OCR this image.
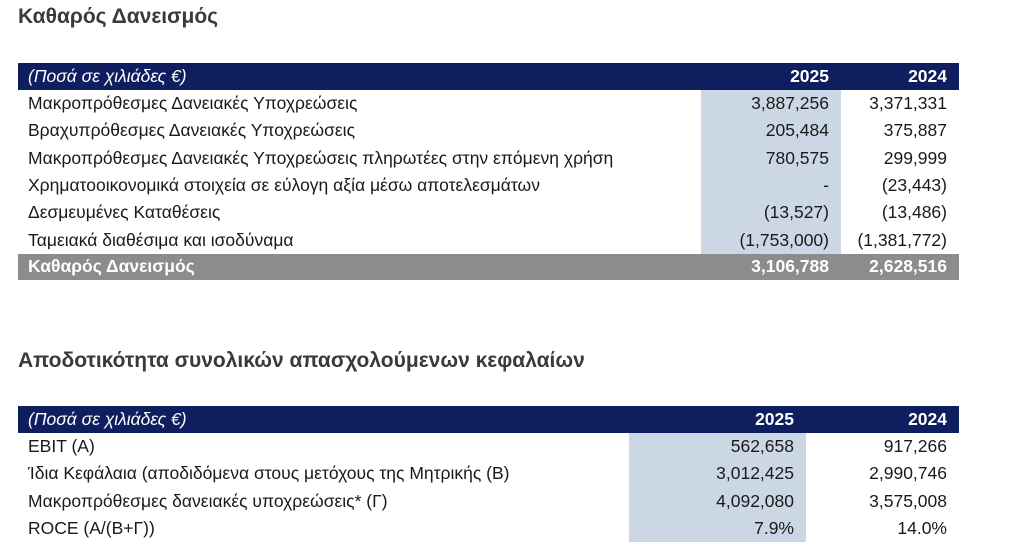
Καθαρός Δανεισμός
(Ποσά σε χιλιάδες €)	2025	2024
Μακροπρόθεσμες Δανειακές Υποχρεώσεις	3,887,256	3,371,331
Βραχυπρόθεσμες Δανειακές Υποχρεώσεις	205,484	375,887
Μακροπρόθεσμες Δανειακές Υποχρεώσεις πληρωτέες στην επόμενη χρήση	780,575	299,999
Χρηματοοικονομικά στοιχεία σε εύλογη αξία μέσω αποτελεσμάτων	-	(23,443)
Δεσμευμένες Καταθέσεις	(13,527)	(13,486)
Ταμειακά διαθέσιμα και ισοδύναμα	(1,753,000)	(1,381,772)
Καθαρός Δανεισμός	3,106,788	2,628,516
Αποδοτικότητα συνολικών απασχολούμενων κεφαλαίων
(Ποσά σε χιλιάδες €)	2025	2024
EBIT (A)	562,658	917,266
Ίδια Κεφάλαια (αποδιδόμενα στους μετόχους της Μητρικής (Β)	3,012,425	2,990,746
Μακροπρόθεσμες δανειακές υποχρεώσεις* (Γ)	4,092,080	3,575,008
ROCE (Α/(Β+Γ))	7.9%	14.0%
